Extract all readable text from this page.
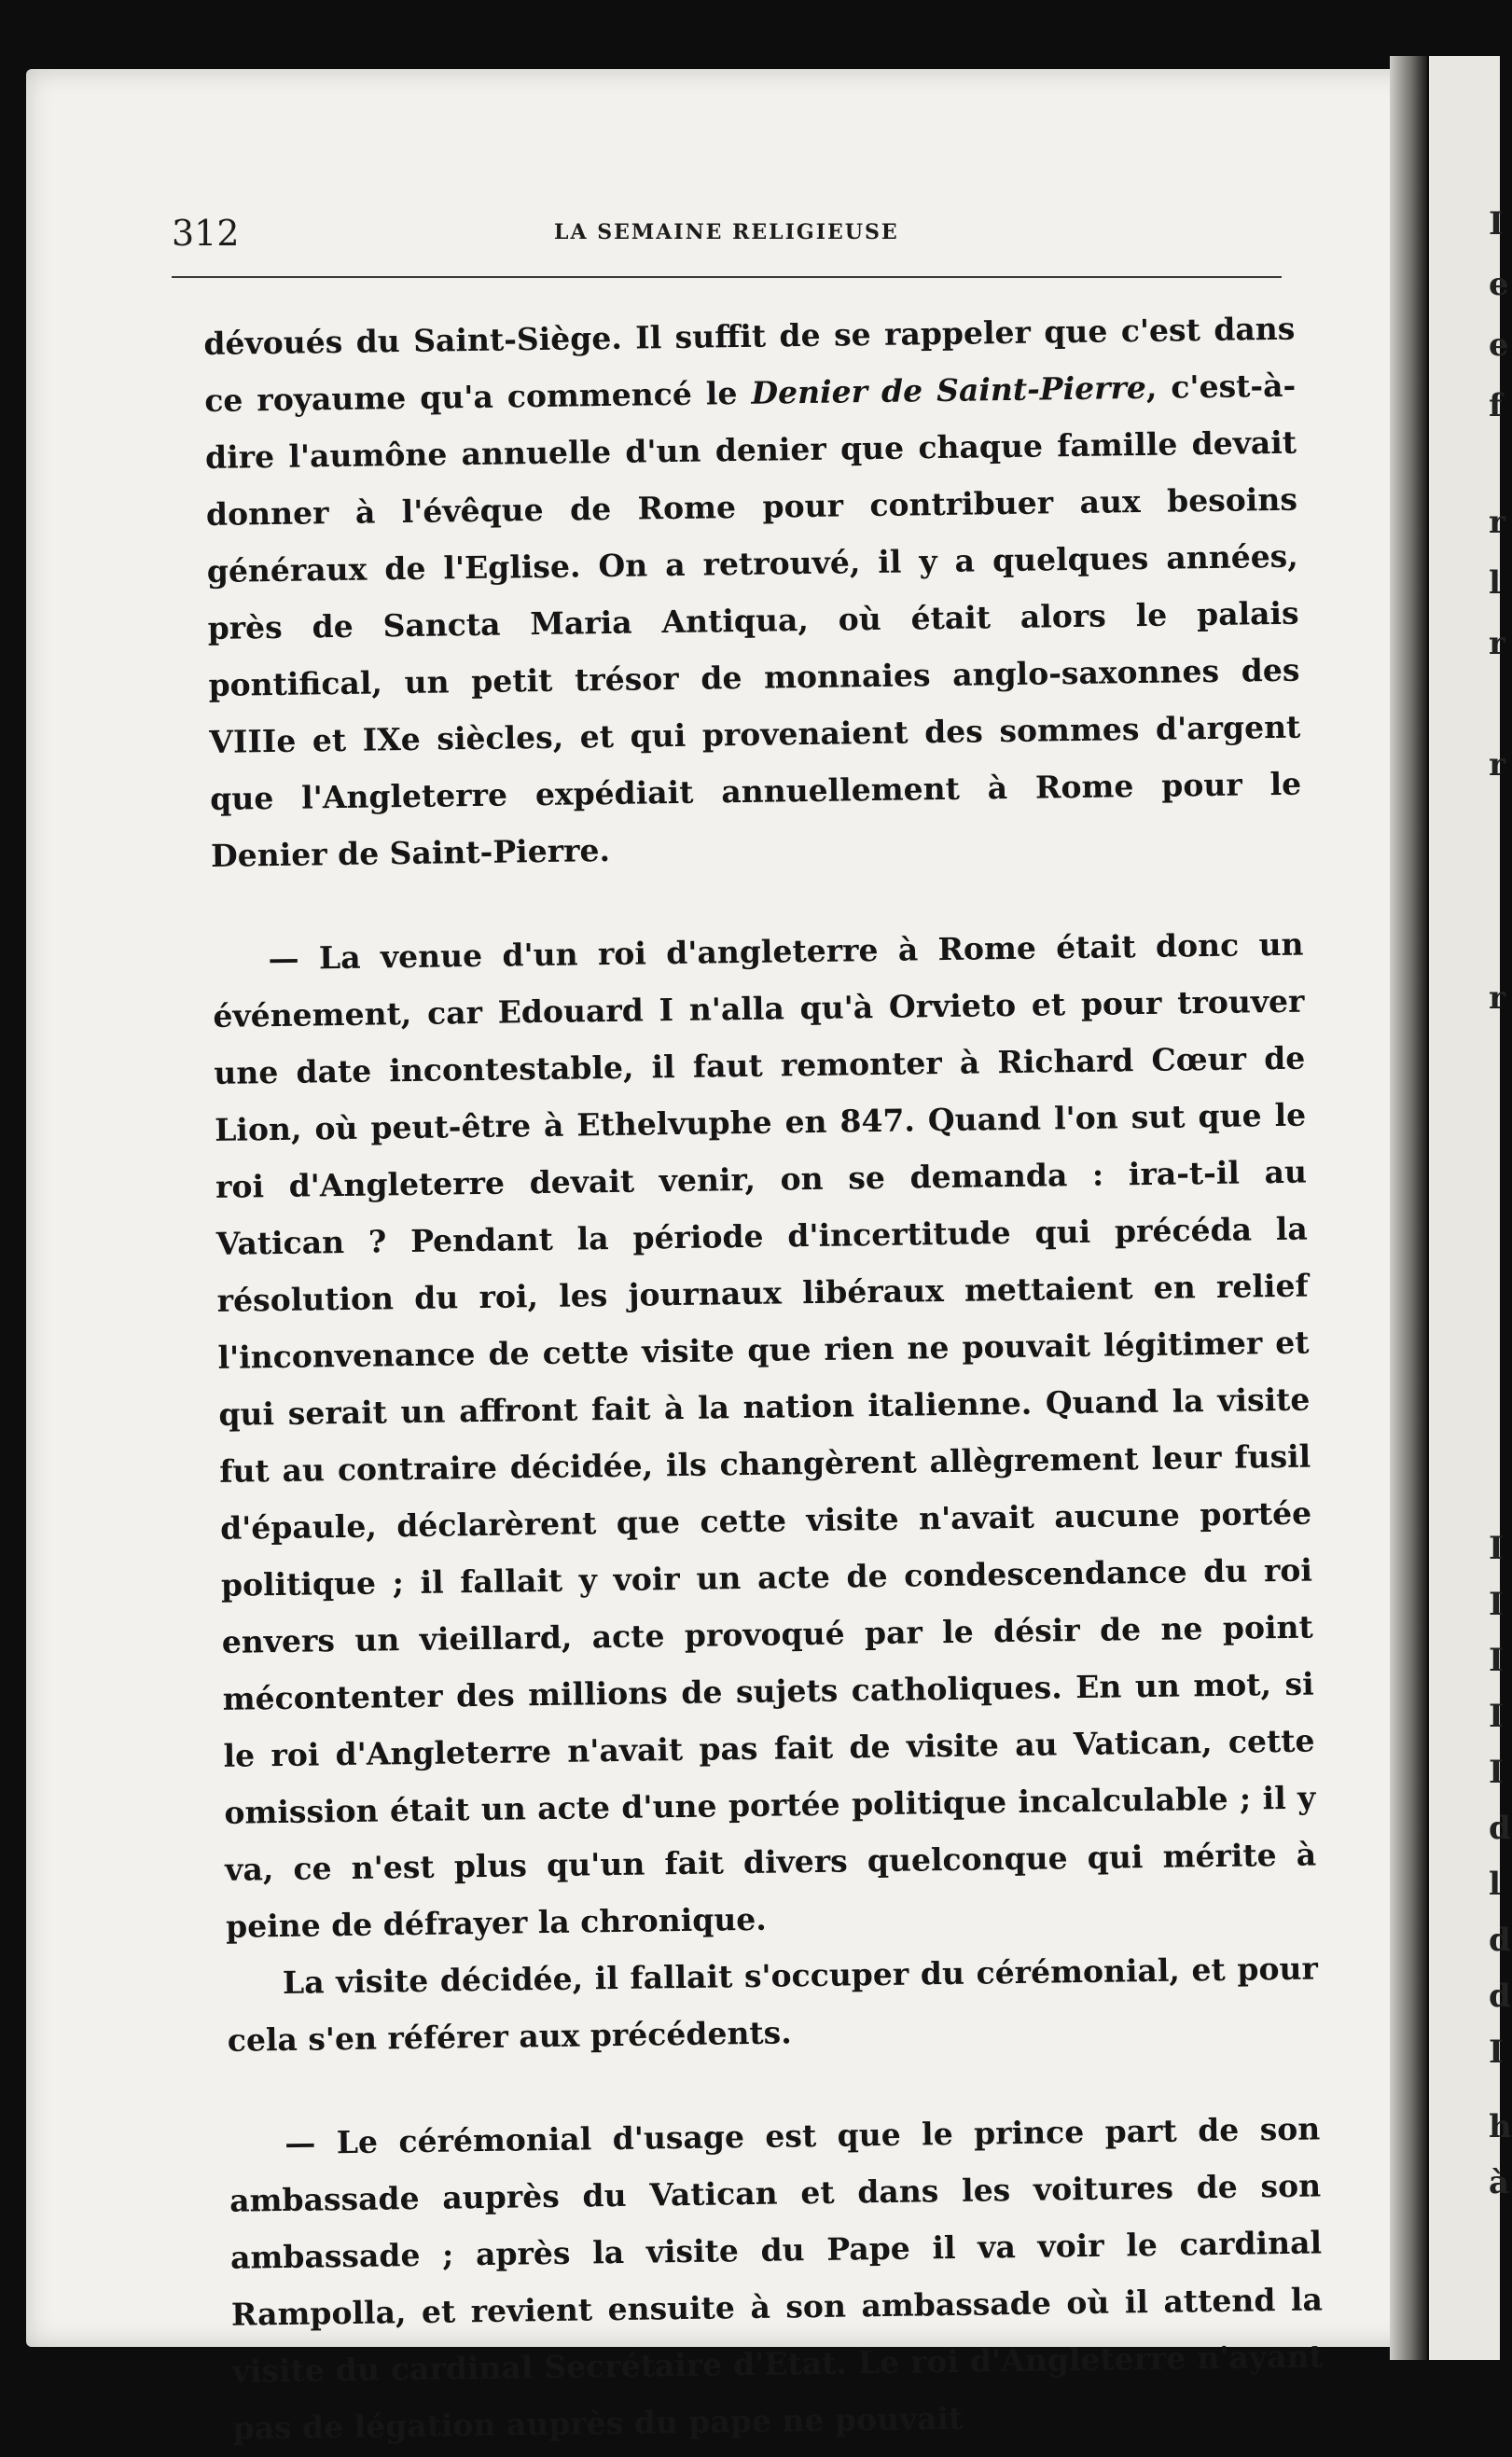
I
e
e
f
r
l
r
r
r
I
I
I
I
I
d
l
d
d
I
h
à
312	LA SEMAINE RELIGIEUSE

dévoués du Saint-Siège. Il suffit de se rappeler que c'est dans ce royaume qu'a commencé le Denier de Saint-Pierre, c'est-à-dire l'aumône annuelle d'un denier que chaque famille devait donner à l'évêque de Rome pour contribuer aux besoins généraux de l'Eglise. On a retrouvé, il y a quelques années, près de Sancta Maria Antiqua, où était alors le palais pontifical, un petit trésor de monnaies anglo-saxonnes des VIIIe et IXe siècles, et qui provenaient des sommes d'argent que l'Angleterre expédiait annuellement à Rome pour le Denier de Saint-Pierre.

— La venue d'un roi d'angleterre à Rome était donc un événement, car Edouard I n'alla qu'à Orvieto et pour trouver une date incontestable, il faut remonter à Richard Cœur de Lion, où peut-être à Ethelvuphe en 847. Quand l'on sut que le roi d'Angleterre devait venir, on se demanda : ira-t-il au Vatican ? Pendant la période d'incertitude qui précéda la résolution du roi, les journaux libéraux mettaient en relief l'inconvenance de cette visite que rien ne pouvait légitimer et qui serait un affront fait à la nation italienne. Quand la visite fut au contraire décidée, ils changèrent allègrement leur fusil d'épaule, déclarèrent que cette visite n'avait aucune portée politique ; il fallait y voir un acte de condescendance du roi envers un vieillard, acte provoqué par le désir de ne point mécontenter des millions de sujets catholiques. En un mot, si le roi d'Angleterre n'avait pas fait de visite au Vatican, cette omission était un acte d'une portée politique incalculable ; il y va, ce n'est plus qu'un fait divers quelconque qui mérite à peine de défrayer la chronique.

La visite décidée, il fallait s'occuper du cérémonial, et pour cela s'en référer aux précédents.

— Le cérémonial d'usage est que le prince part de son ambassade auprès du Vatican et dans les voitures de son ambassade ; après la visite du Pape il va voir le cardinal Rampolla, et revient ensuite à son ambassade où il attend la visite du cardinal Secrétaire d'Etat. Le roi d'Angleterre n'ayant pas de légation auprès du pape ne pouvait
